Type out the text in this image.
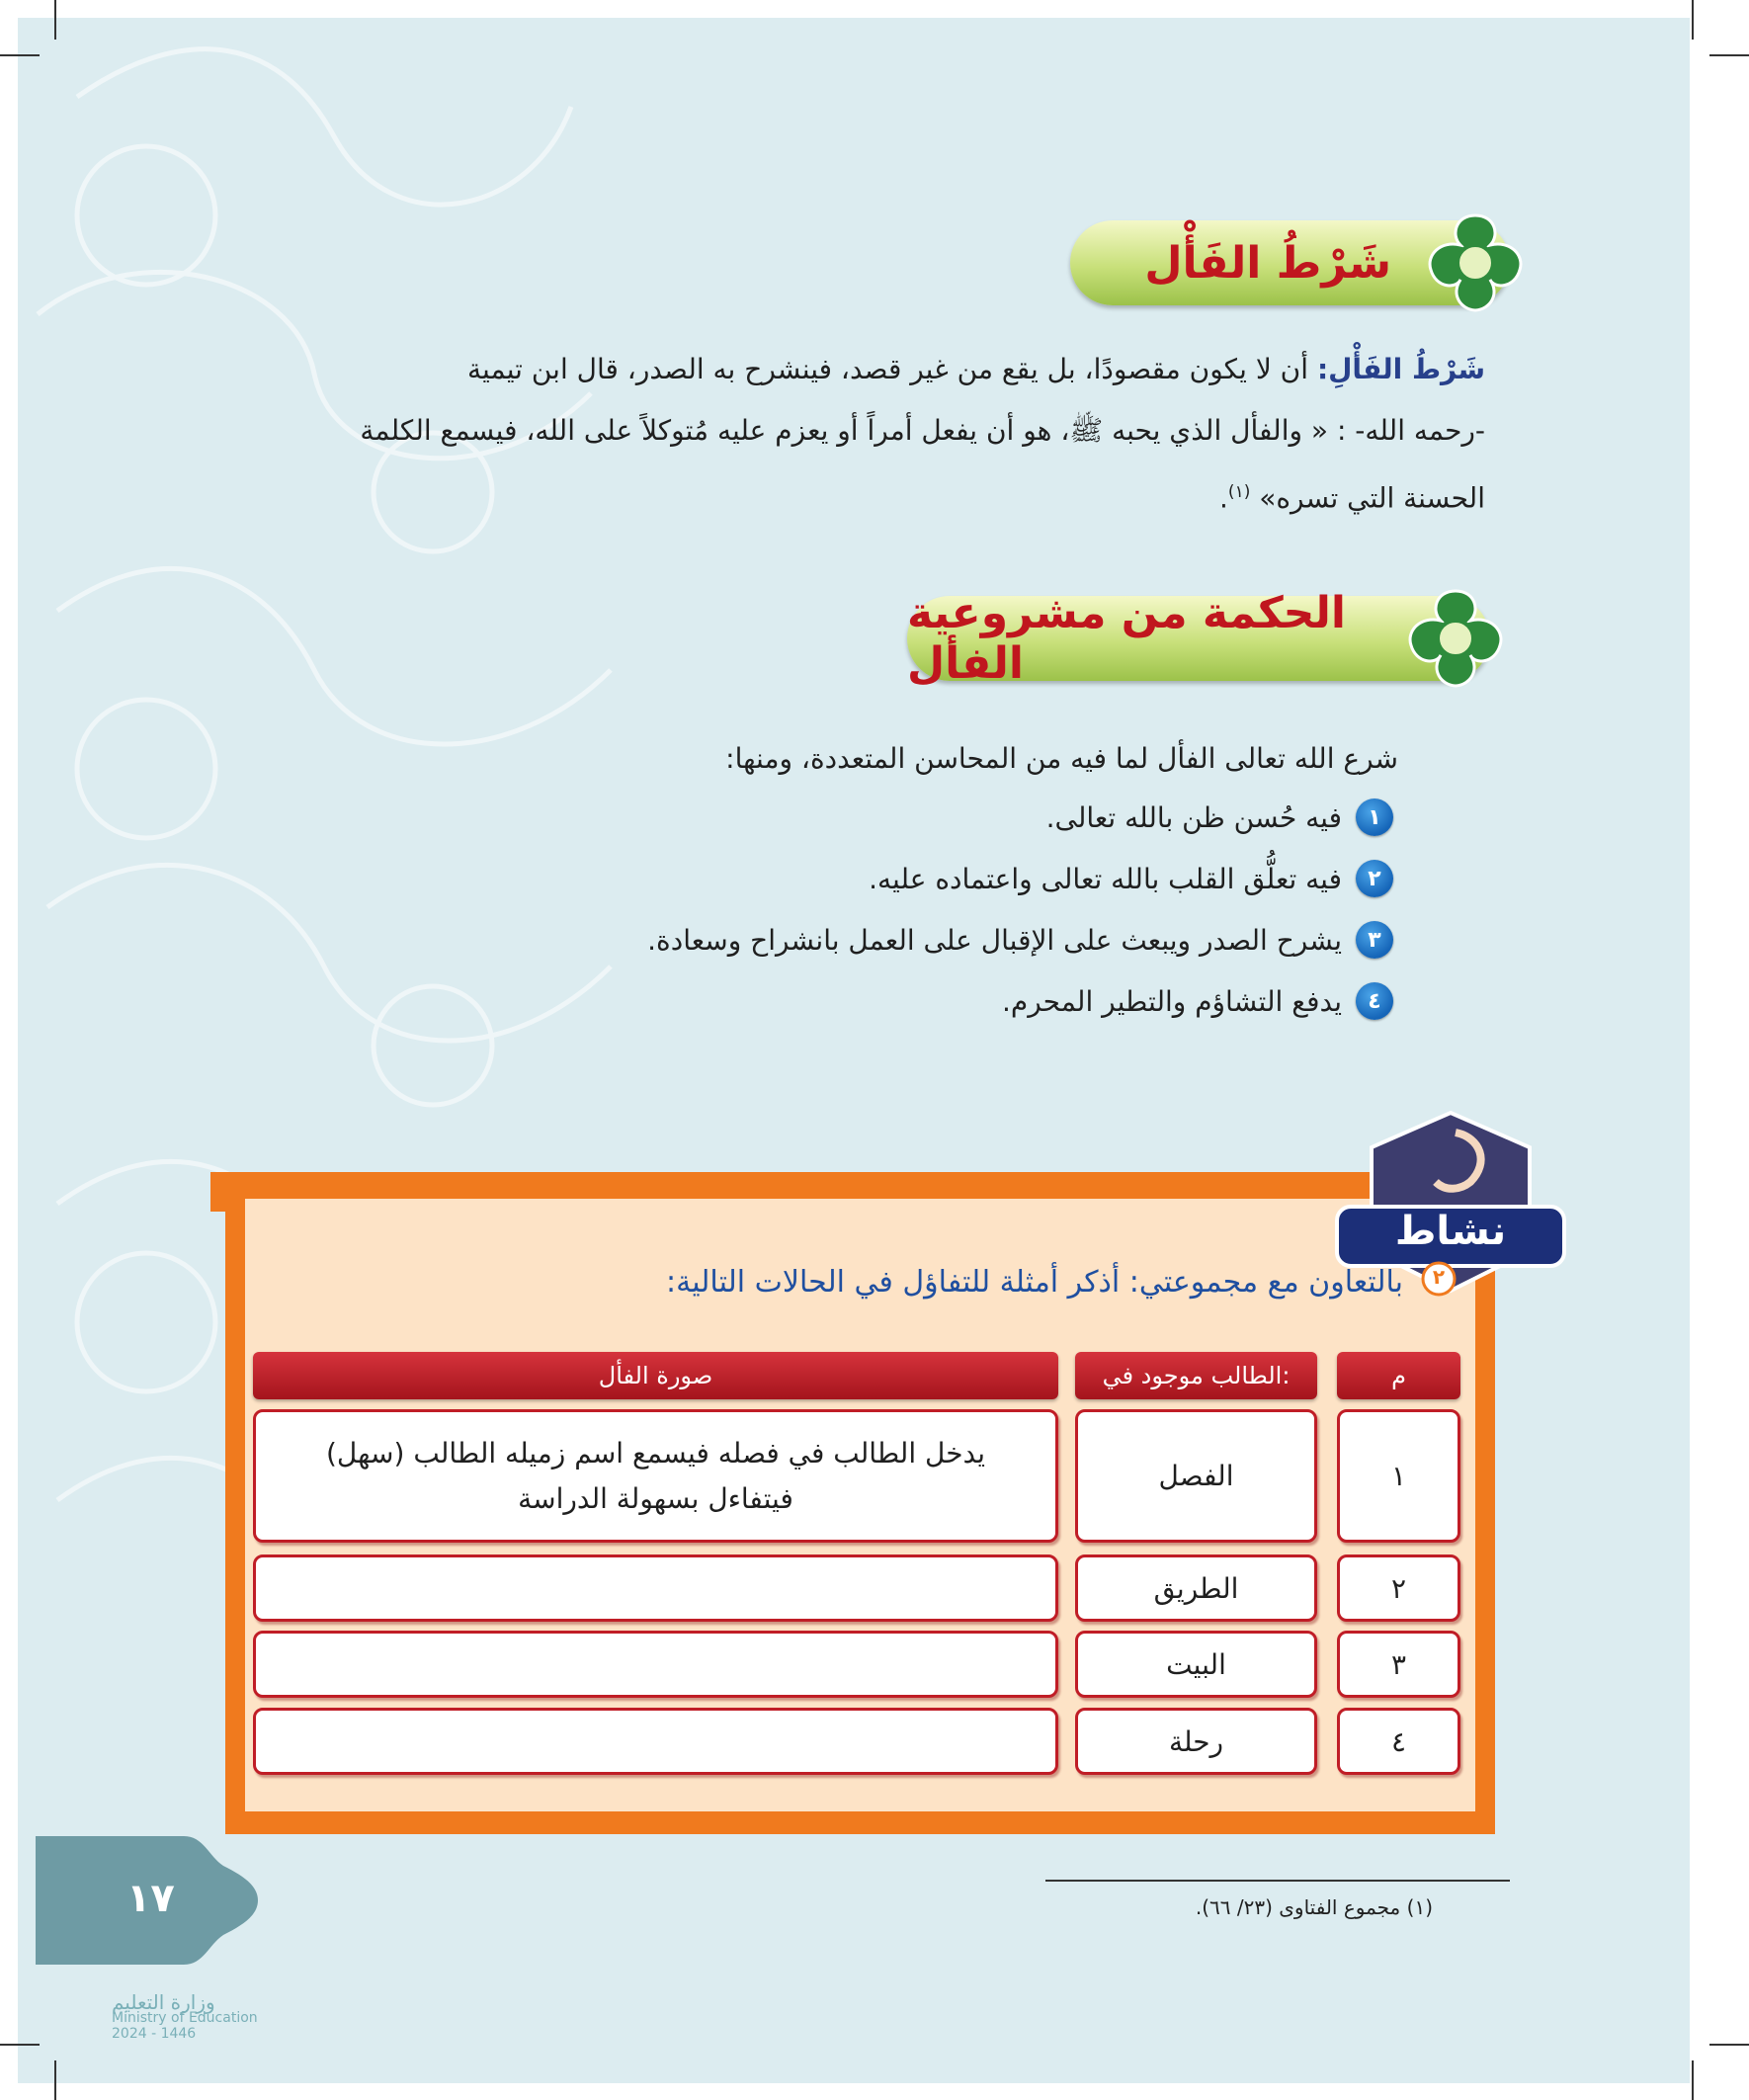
شَرْطُ الفَأْل
شَرْطُ الفَأْلِ: أن لا يكون مقصودًا، بل يقع من غير قصد، فينشرح به الصدر، قال ابن تيمية
-رحمه الله- : « والفأل الذي يحبه ﷺ، هو أن يفعل أمراً أو يعزم عليه مُتوكلاً على الله، فيسمع الكلمة
الحسنة التي تسره» $^{(١)}$.
الحكمة من مشروعية الفأل
شرع الله تعالى الفأل لما فيه من المحاسن المتعددة، ومنها:
١
فيه حُسن ظن بالله تعالى.
٢
فيه تعلُّق القلب بالله تعالى واعتماده عليه.
٣
يشرح الصدر ويبعث على الإقبال على العمل بانشراح وسعادة.
٤
يدفع التشاؤم والتطير المحرم.
نشاط
٢
بالتعاون مع مجموعتي: أذكر أمثلة للتفاؤل في الحالات التالية:
م
الطالب موجود في:
صورة الفأل
١
الفصل
يدخل الطالب في فصله فيسمع اسم زميله الطالب (سهل) فيتفاءل بسهولة الدراسة
٢
الطريق
٣
البيت
٤
رحلة
(١) مجموع الفتاوى (٢٣/ ٦٦).
١٧
وزارة التعليم
Ministry of Education
2024 - 1446
